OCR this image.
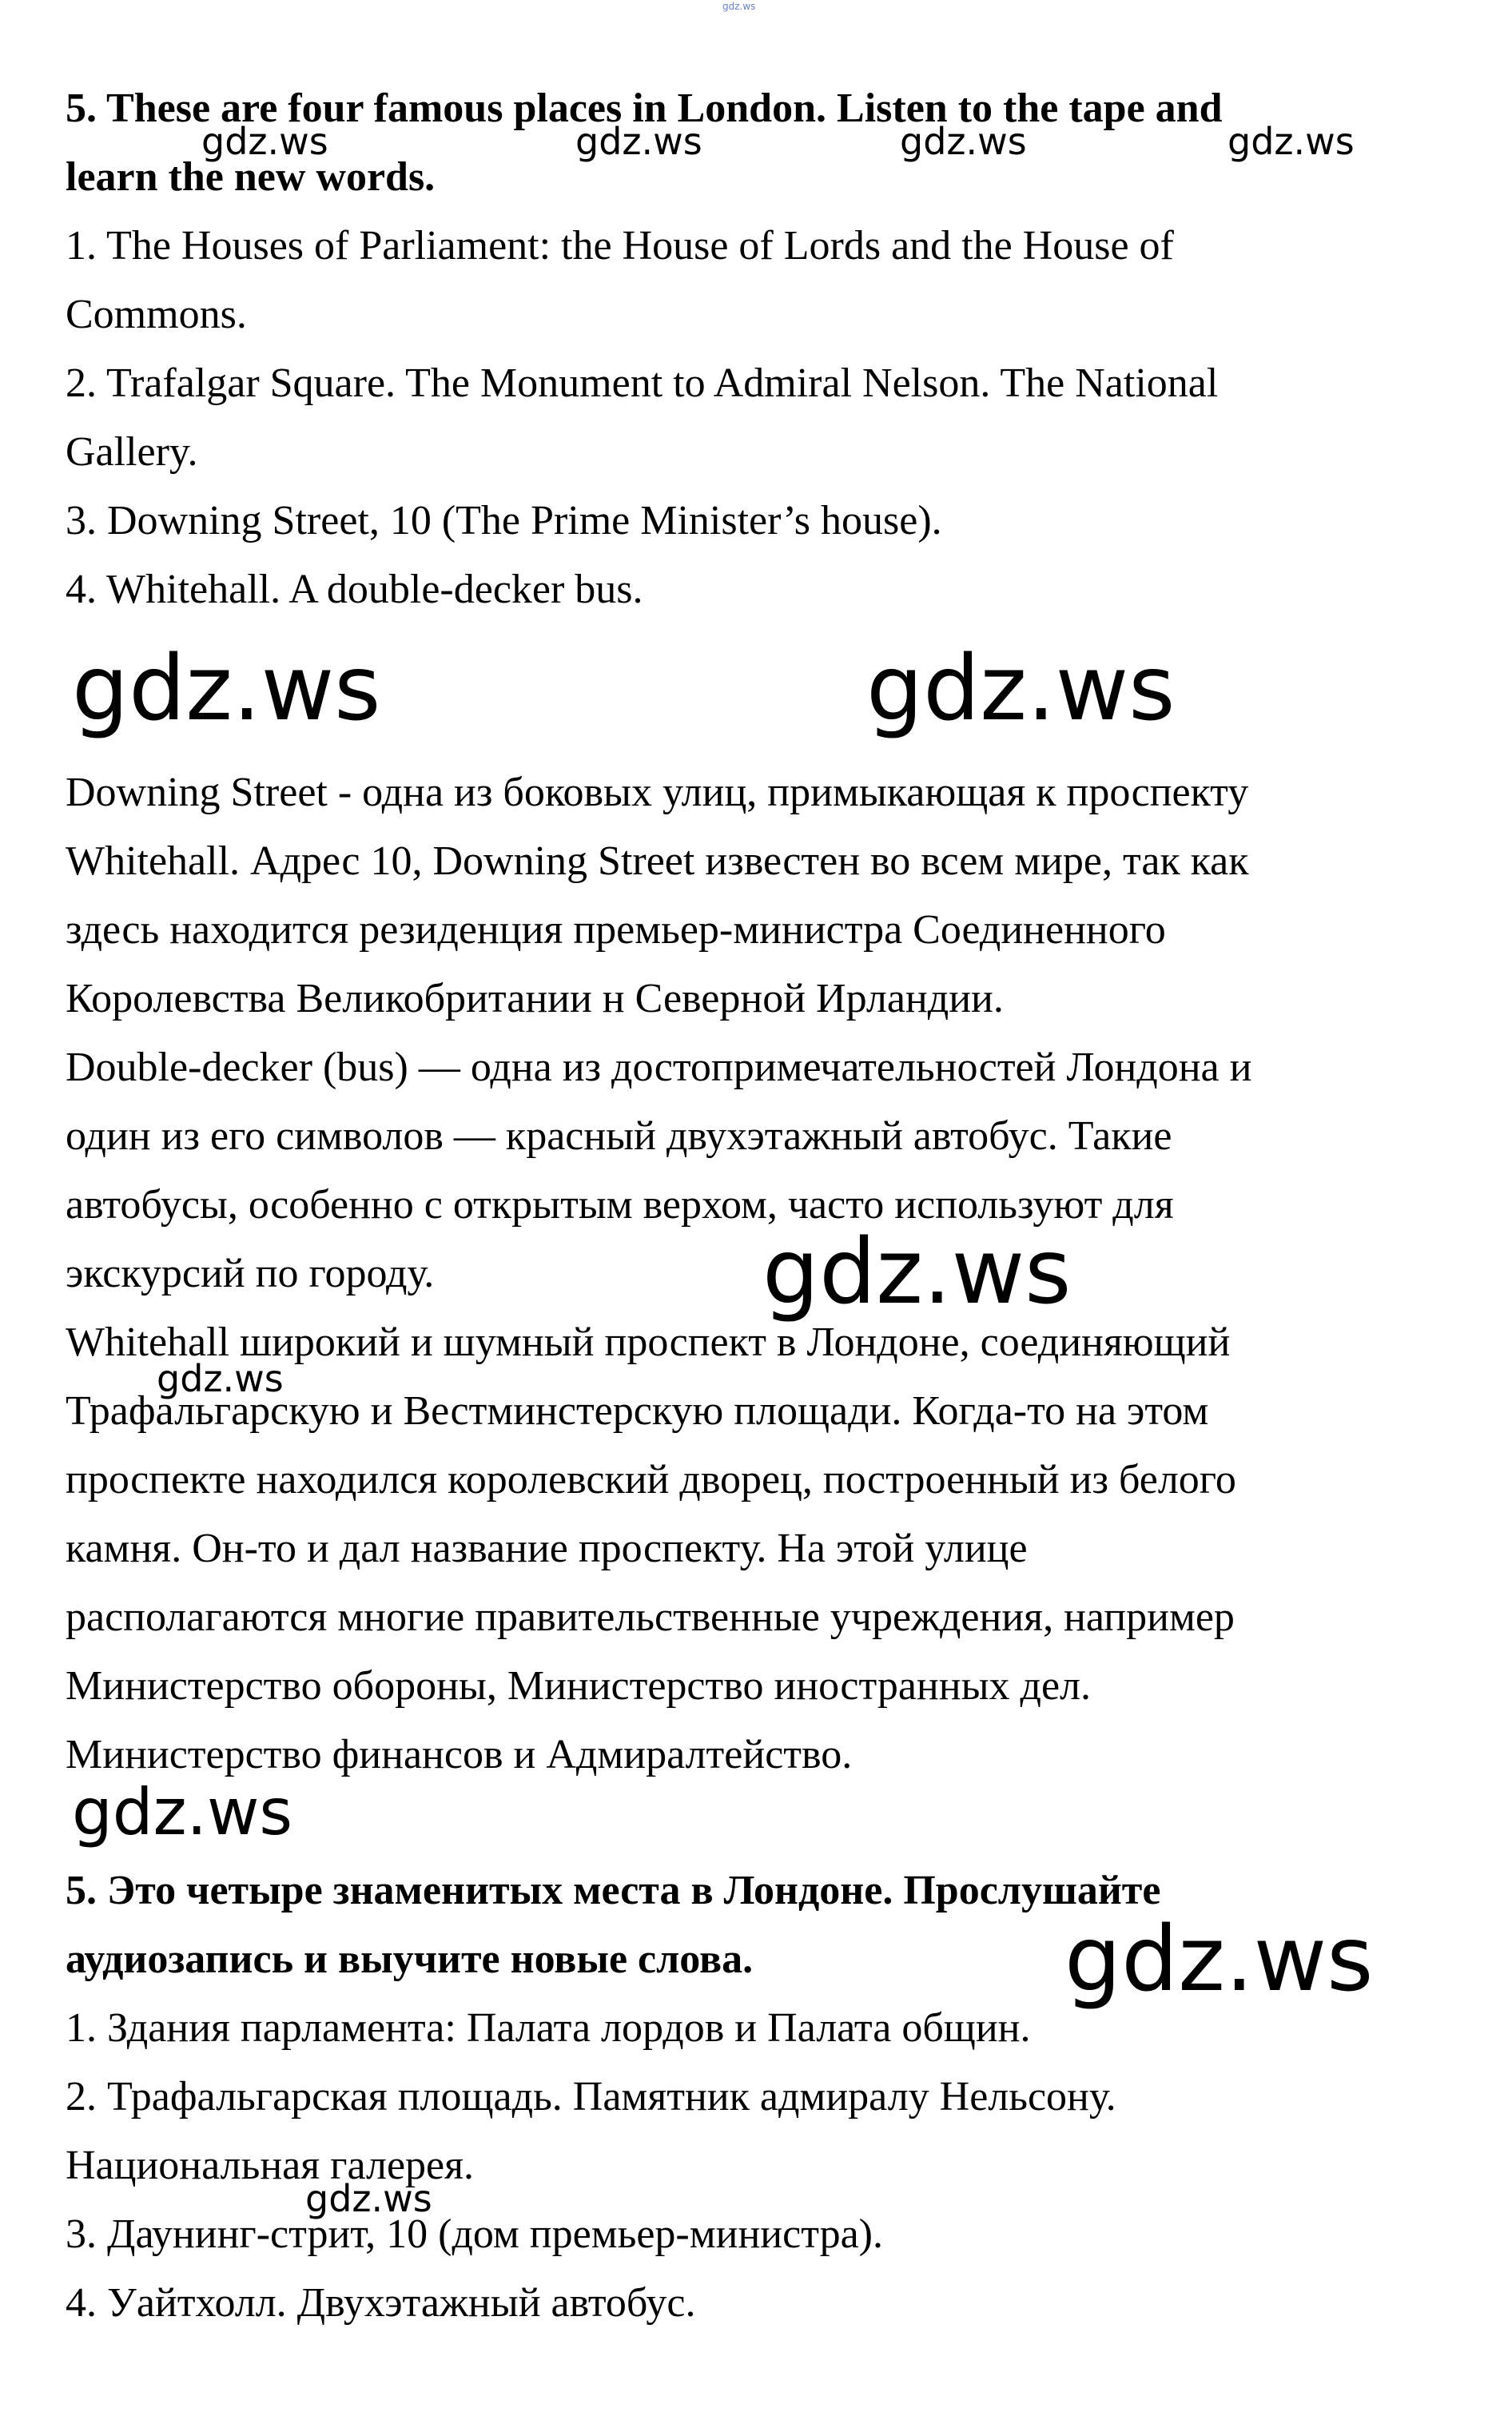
gdz.ws
5. These are four famous places in London. Listen to the tape and
learn the new words.
1. The Houses of Parliament: the House of Lords and the House of
Commons.
2. Trafalgar Square. The Monument to Admiral Nelson. The National
Gallery.
3. Downing Street, 10 (The Prime Minister’s house).
4. Whitehall. A double-decker bus.
Downing Street - одна из боковых улиц, примыкающая к проспекту
Whitehall. Адрес 10, Downing Street известен во всем мире, так как
здесь находится резиденция премьер-министра Соединенного
Королевства Великобритании н Северной Ирландии.
Double-decker (bus) — одна из достопримечательностей Лондона и
один из его символов — красный двухэтажный автобус. Такие
автобусы, особенно с открытым верхом, часто используют для
экскурсий по городу.
Whitehall широкий и шумный проспект в Лондоне, соединяющий
Трафальгарскую и Вестминстерскую площади. Когда-то на этом
проспекте находился королевский дворец, построенный из белого
камня. Он-то и дал название проспекту. На этой улице
располагаются многие правительственные учреждения, например
Министерство обороны, Министерство иностранных дел.
Министерство финансов и Адмиралтейство.
5. Это четыре знаменитых места в Лондоне. Прослушайте
аудиозапись и выучите новые слова.
1. Здания парламента: Палата лордов и Палата общин.
2. Трафальгарская площадь. Памятник адмиралу Нельсону.
Национальная галерея.
3. Даунинг-стрит, 10 (дом премьер-министра).
4. Уайтхолл. Двухэтажный автобус.
gdz.ws	gdz.ws	gdz.ws	gdz.ws
gdz.ws	gdz.ws
gdz.ws
gdz.ws
gdz.ws
gdz.ws
gdz.ws
